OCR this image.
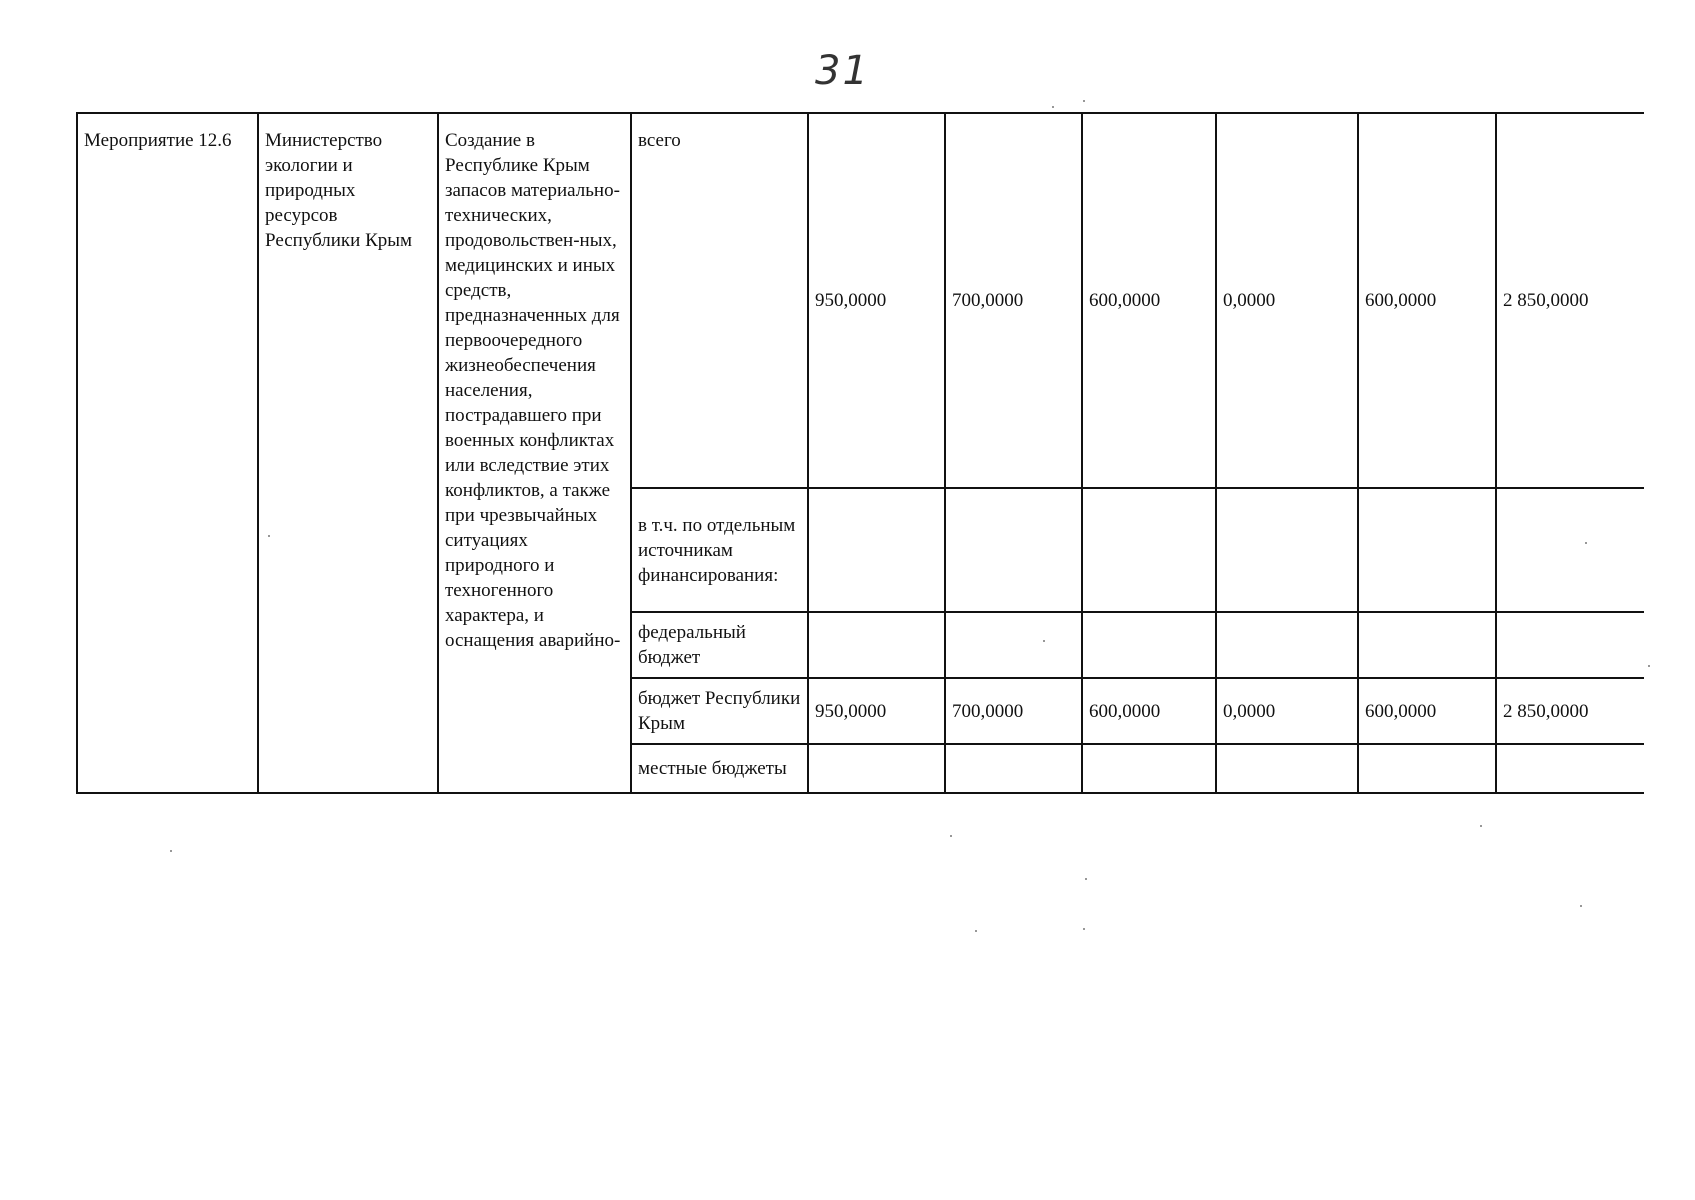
31
Мероприятие 12.6	Министерство экологии и природных ресурсов Республики Крым	Создание в Республике Крым запасов материально-технических, продовольствен-ных, медицинских и иных средств, предназначенных для первоочередного жизнеобеспечения населения, пострадавшего при военных конфликтах или вследствие этих конфликтов, а также при чрезвычайных ситуациях природного и техногенного характера, и оснащения аварийно-	всего	950,0000	700,0000	600,0000	0,0000	600,0000	2 850,0000
			в т.ч. по отдельным источникам финансирования:						
			федеральный бюджет						
			бюджет Республики Крым	950,0000	700,0000	600,0000	0,0000	600,0000	2 850,0000
			местные бюджеты						
